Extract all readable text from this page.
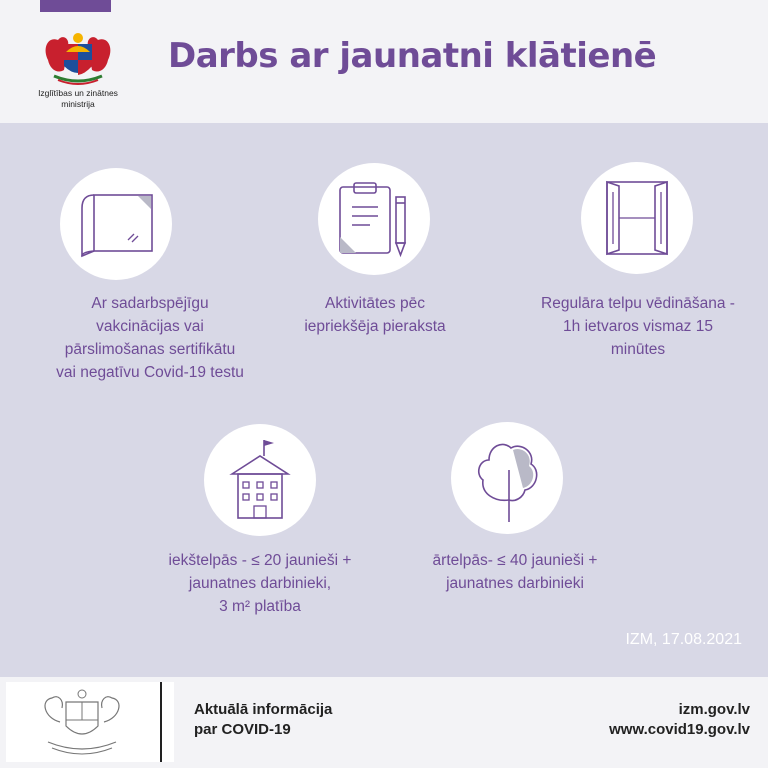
Izglītības un zinātnes
ministrija
Darbs ar jaunatni klātienē
Ar sadarbspējīgu
vakcinācijas vai
pārslimošanas sertifikātu
vai negatīvu Covid-19 testu
Aktivitātes pēc
iepriekšēja pieraksta
Regulāra telpu vēdināšana -
1h ietvaros vismaz 15
minūtes
iekštelpās - ≤ 20 jaunieši +
jaunatnes darbinieki,
3 m² platība
ārtelpās- ≤ 40 jaunieši +
jaunatnes darbinieki
IZM, 17.08.2021
Aktuālā informācija
par COVID-19
izm.gov.lv
www.covid19.gov.lv
